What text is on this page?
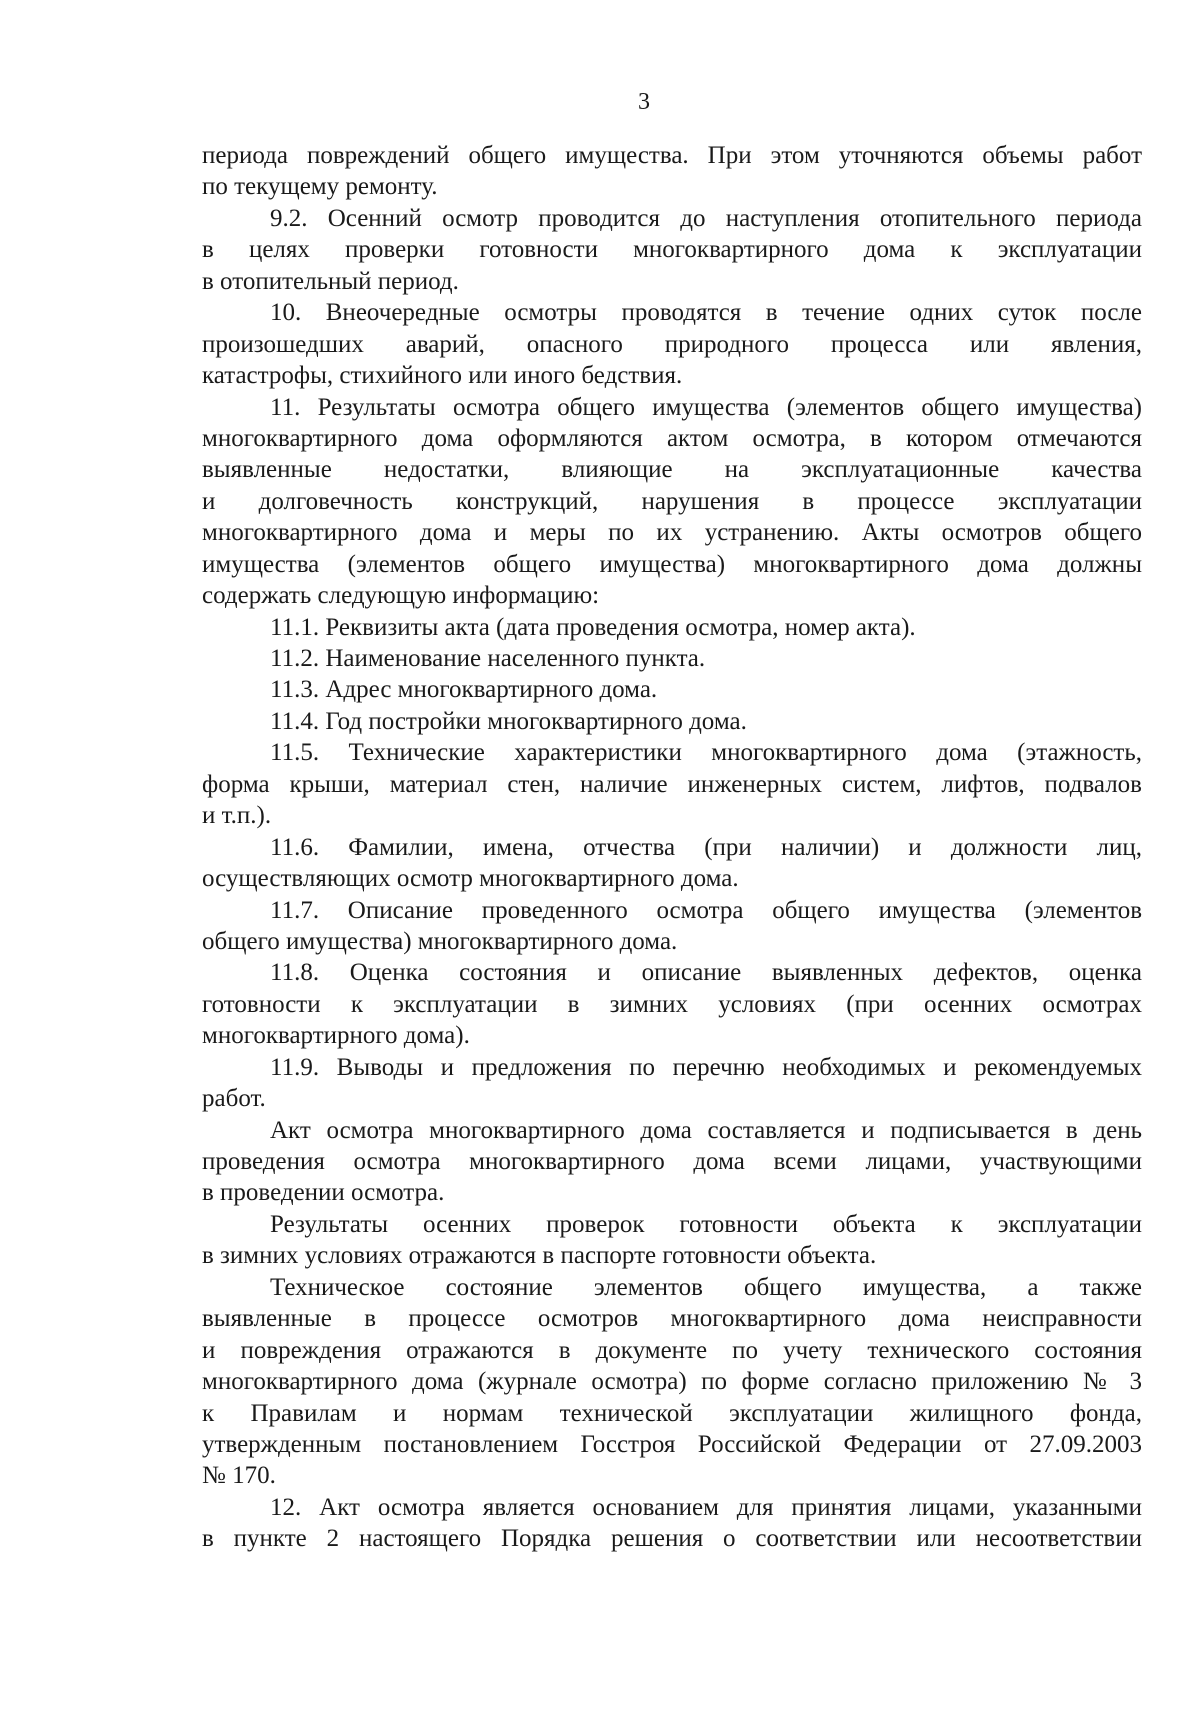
3
периода повреждений общего имущества. При этом уточняются объемы работ
по текущему ремонту.
9.2. Осенний осмотр проводится до наступления отопительного периода
в целях проверки готовности многоквартирного дома к эксплуатации
в отопительный период.
10. Внеочередные осмотры проводятся в течение одних суток после
произошедших аварий, опасного природного процесса или явления,
катастрофы, стихийного или иного бедствия.
11. Результаты осмотра общего имущества (элементов общего имущества)
многоквартирного дома оформляются актом осмотра, в котором отмечаются
выявленные недостатки, влияющие на эксплуатационные качества
и долговечность конструкций, нарушения в процессе эксплуатации
многоквартирного дома и меры по их устранению. Акты осмотров общего
имущества (элементов общего имущества) многоквартирного дома должны
содержать следующую информацию:
11.1. Реквизиты акта (дата проведения осмотра, номер акта).
11.2. Наименование населенного пункта.
11.3. Адрес многоквартирного дома.
11.4. Год постройки многоквартирного дома.
11.5. Технические характеристики многоквартирного дома (этажность,
форма крыши, материал стен, наличие инженерных систем, лифтов, подвалов
и т.п.).
11.6. Фамилии, имена, отчества (при наличии) и должности лиц,
осуществляющих осмотр многоквартирного дома.
11.7. Описание проведенного осмотра общего имущества (элементов
общего имущества) многоквартирного дома.
11.8. Оценка состояния и описание выявленных дефектов, оценка
готовности к эксплуатации в зимних условиях (при осенних осмотрах
многоквартирного дома).
11.9. Выводы и предложения по перечню необходимых и рекомендуемых
работ.
Акт осмотра многоквартирного дома составляется и подписывается в день
проведения осмотра многоквартирного дома всеми лицами, участвующими
в проведении осмотра.
Результаты осенних проверок готовности объекта к эксплуатации
в зимних условиях отражаются в паспорте готовности объекта.
Техническое состояние элементов общего имущества, а также
выявленные в процессе осмотров многоквартирного дома неисправности
и повреждения отражаются в документе по учету технического состояния
многоквартирного дома (журнале осмотра) по форме согласно приложению № 3
к Правилам и нормам технической эксплуатации жилищного фонда,
утвержденным постановлением Госстроя Российской Федерации от 27.09.2003
№ 170.
12. Акт осмотра является основанием для принятия лицами, указанными
в пункте 2 настоящего Порядка решения о соответствии или несоответствии
